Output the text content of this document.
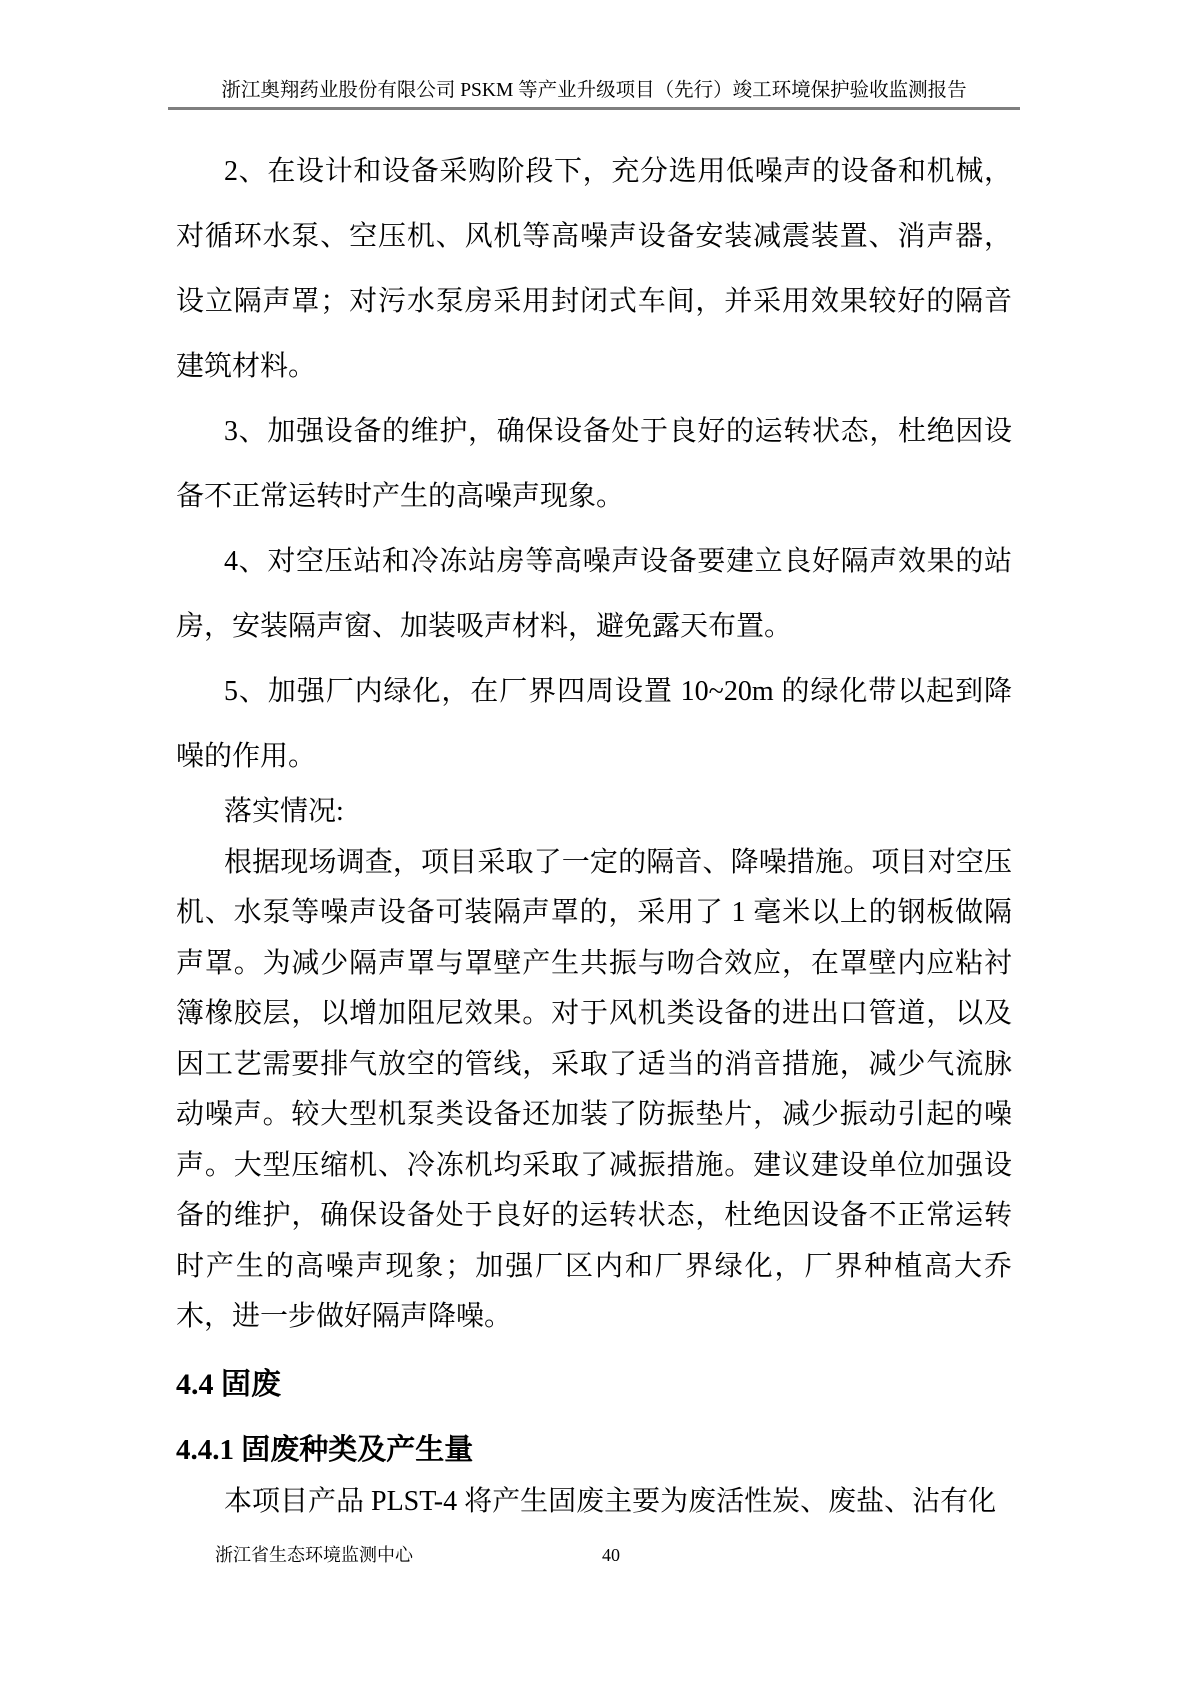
浙江奥翔药业股份有限公司 PSKM 等产业升级项目（先行）竣工环境保护验收监测报告

2、在设计和设备采购阶段下，充分选用低噪声的设备和机械，对循环水泵、空压机、风机等高噪声设备安装减震装置、消声器，设立隔声罩；对污水泵房采用封闭式车间，并采用效果较好的隔音建筑材料。

3、加强设备的维护，确保设备处于良好的运转状态，杜绝因设备不正常运转时产生的高噪声现象。

4、对空压站和冷冻站房等高噪声设备要建立良好隔声效果的站房，安装隔声窗、加装吸声材料，避免露天布置。

5、加强厂内绿化，在厂界四周设置 10~20m 的绿化带以起到降噪的作用。

落实情况:

根据现场调查，项目采取了一定的隔音、降噪措施。项目对空压机、水泵等噪声设备可装隔声罩的，采用了 1 毫米以上的钢板做隔声罩。为减少隔声罩与罩壁产生共振与吻合效应，在罩壁内应粘衬簿橡胶层，以增加阻尼效果。对于风机类设备的进出口管道，以及因工艺需要排气放空的管线，采取了适当的消音措施，减少气流脉动噪声。较大型机泵类设备还加装了防振垫片，减少振动引起的噪声。大型压缩机、冷冻机均采取了减振措施。建议建设单位加强设备的维护，确保设备处于良好的运转状态，杜绝因设备不正常运转时产生的高噪声现象；加强厂区内和厂界绿化，厂界种植高大乔木，进一步做好隔声降噪。

4.4 固废
4.4.1 固废种类及产生量

本项目产品 PLST-4 将产生固废主要为废活性炭、废盐、沾有化

浙江省生态环境监测中心	40
